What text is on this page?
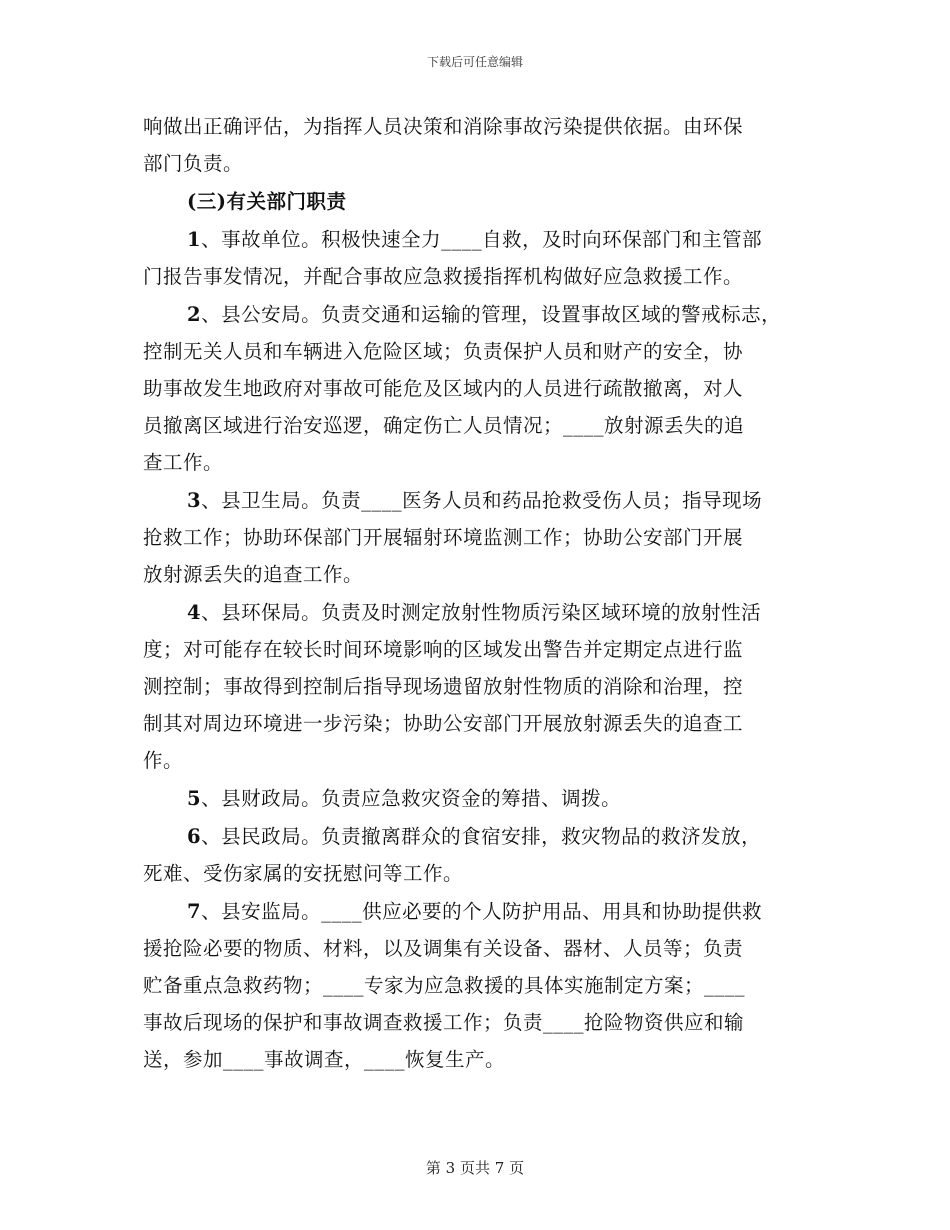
下载后可任意编辑
响做出正确评估，为指挥人员决策和消除事故污染提供依据。由环保
部门负责。
(三)有关部门职责
1、事故单位。积极快速全力____自救，及时向环保部门和主管部
门报告事发情况，并配合事故应急救援指挥机构做好应急救援工作。
2、县公安局。负责交通和运输的管理，设置事故区域的警戒标志，
控制无关人员和车辆进入危险区域；负责保护人员和财产的安全，协
助事故发生地政府对事故可能危及区域内的人员进行疏散撤离，对人
员撤离区域进行治安巡逻，确定伤亡人员情况；____放射源丢失的追
查工作。
3、县卫生局。负责____医务人员和药品抢救受伤人员；指导现场
抢救工作；协助环保部门开展辐射环境监测工作；协助公安部门开展
放射源丢失的追查工作。
4、县环保局。负责及时测定放射性物质污染区域环境的放射性活
度；对可能存在较长时间环境影响的区域发出警告并定期定点进行监
测控制；事故得到控制后指导现场遗留放射性物质的消除和治理，控
制其对周边环境进一步污染；协助公安部门开展放射源丢失的追查工
作。
5、县财政局。负责应急救灾资金的筹措、调拨。
6、县民政局。负责撤离群众的食宿安排，救灾物品的救济发放，
死难、受伤家属的安抚慰问等工作。
7、县安监局。____供应必要的个人防护用品、用具和协助提供救
援抢险必要的物质、材料，以及调集有关设备、器材、人员等；负责
贮备重点急救药物；____专家为应急救援的具体实施制定方案；____
事故后现场的保护和事故调查救援工作；负责____抢险物资供应和输
送，参加____事故调查，____恢复生产。
第 3 页共 7 页
